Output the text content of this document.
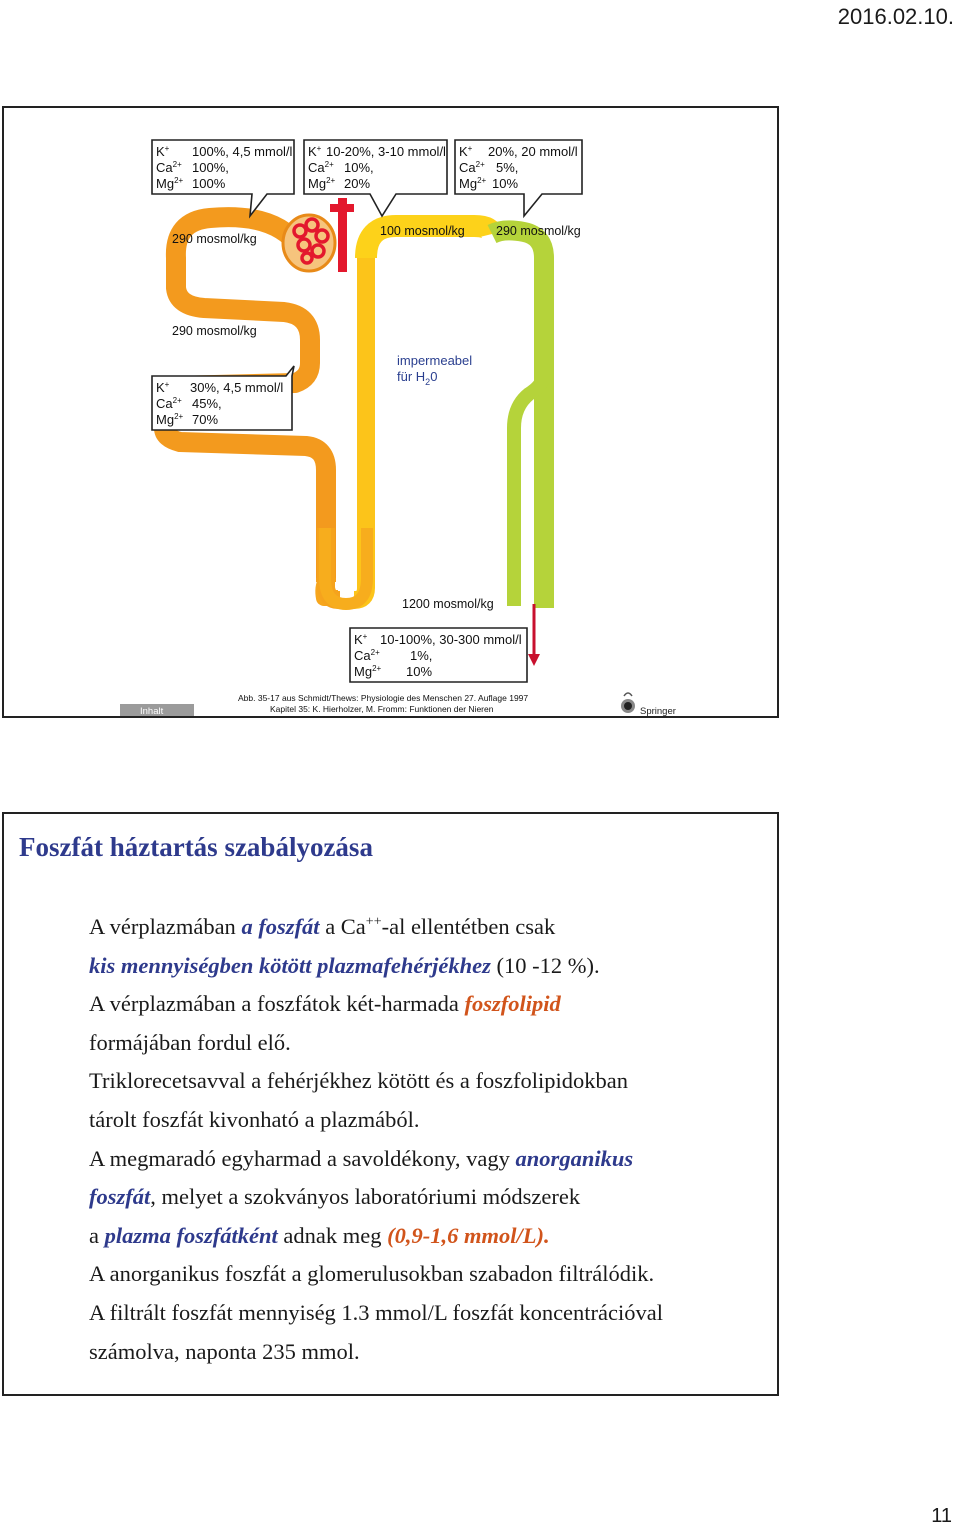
2016.02.10.
K+
$Ca^{2+}$
$Mg^{2+}$
100%, 4,5 mmol/l
100%,
100%
K+
$Ca^{2+}$
$Mg^{2+}$
10-20%, 3-10 mmol/l
10%,
20%
K+
$Ca^{2+}$
$Mg^{2+}$
20%, 20 mmol/l
5%,
10%
K+
$Ca^{2+}$
$Mg^{2+}$
30%, 4,5 mmol/l
45%,
70%
K+
$Ca^{2+}$
$Mg^{2+}$
10-100%, 30-300 mmol/l
1%,
10%
290 mosmol/kg
100 mosmol/kg 290 mosmol/kg
290 mosmol/kg
1200 mosmol/kg
impermeabel
für $H_20$
Inhalt
Abb. 35-17 aus Schmidt/Thews: Physiologie des Menschen 27. Auflage 1997
Kapitel 35: K. Hierholzer, M. Fromm: Funktionen der Nieren	Springer
Foszfát háztartás szabályozása

A vérplazmában a foszfát a Ca++-al ellentétben csak
kis mennyiségben kötött plazmafehérjékhez (10 -12 %).

A vérplazmában a foszfátok két-harmada foszfolipid
formájában fordul elő.

Triklorecetsavval a fehérjékhez kötött és a foszfolipidokban
tárolt foszfát kivonható a plazmából.

A megmaradó egyharmad a savoldékony, vagy anorganikus
foszfát, melyet a szokványos laboratóriumi módszerek
a plazma foszfátként adnak meg (0,9-1,6 mmol/L).

A anorganikus foszfát a glomerulusokban szabadon filtrálódik.

A filtrált foszfát mennyiség 1.3 mmol/L foszfát koncentrációval
számolva, naponta 235 mmol.

11
